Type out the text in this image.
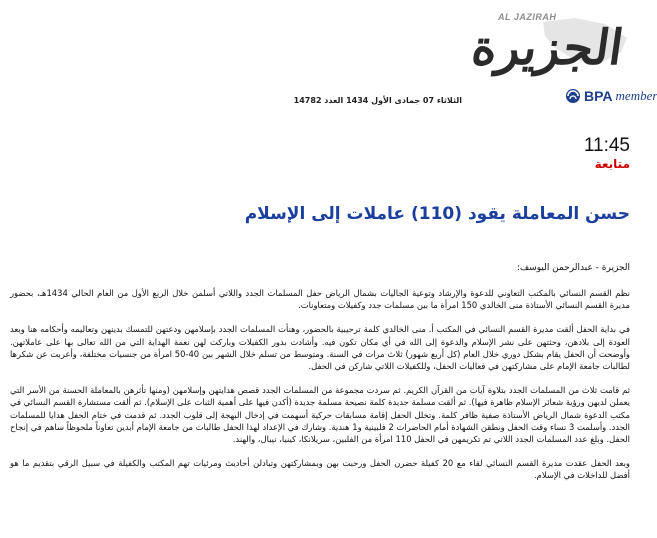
AL JAZIRAH
الجزيرة
BPA member
الثلاثاء 07 جمادى الأول 1434 العدد 14782
11:45
متابعة
حسن المعاملة يقود (110) عاملات إلى الإسلام
الجزيرة - عبدالرحمن اليوسف:

نظم القسم النسائي بالمكتب التعاوني للدعوة والإرشاد وتوعية الجاليات بشمال الرياض حفل المسلمات الجدد واللاتي أسلمن خلال الربع الأول من العام الحالي 1434هـ، بحضور مديرة القسم النسائي الأستاذة منى الخالدي 150 امرأة ما بين مسلمات جدد وكفيلات ومتعاونات.

في بداية الحفل ألقت مديرة القسم النسائي في المكتب أ. منى الخالدي كلمة ترحيبية بالحضور، وهنأت المسلمات الجدد بإسلامهن ودعتهن للتمسك بدينهن وتعاليمه وأحكامه هنا وبعد العودة إلى بلادهن، وحثتهن على نشر الإسلام والدعوة إلى الله في أي مكان تكون فيه. وأشادت بدور الكفيلات وباركت لهن نعمة الهداية التي من الله تعالى بها على عاملاتهن. وأوضحت أن الحفل يقام بشكل دوري خلال العام (كل أربع شهور) ثلاث مرات في السنة. ومتوسط من تسلم خلال الشهر بين 40-50 امرأة من جنسيات مختلفة، وأعربت عن شكرها لطالبات جامعة الإمام على مشاركتهن في فعاليات الحفل، وللكفيلات اللاتي شاركن في الحفل.

ثم قامت ثلاث من المسلمات الجدد بتلاوة آيات من القرآن الكريم. ثم سردت مجموعة من المسلمات الجدد قصص هدايتهن وإسلامهن (ومنها تأثرهن بالمعاملة الحسنة من الأسر التي يعملن لديهن ورؤية شعائر الإسلام ظاهرة فيها). ثم ألقت مسلمة جديدة كلمة نصيحة مسلمة جديدة (أكدن فيها على أهمية الثبات على الإسلام). ثم ألقت مستشارة القسم النسائي في مكتب الدعوة شمال الرياض الأستاذة صفية ظافر كلمة. وتخلل الحفل إقامة مسابقات حركية أسهمت في إدخال البهجة إلى قلوب الجدد. ثم قدمت في ختام الحفل هدايا للمسلمات الجدد. وأسلمت 3 نساء وقت الحفل ونطقن الشهادة أمام الحاضرات 2 فلبينية و1 هندية. وشارك في الإعداد لهذا الحفل طالبات من جامعة الإمام أبدين تعاوناً ملحوظاً ساهم في إنجاح الحفل. وبلغ عدد المسلمات الجدد اللاتي تم تكريمهن في الحفل 110 امرأة من الفلبين، سريلانكا، كينيا، نيبال، والهند.

وبعد الحفل عقدت مديرة القسم النسائي لقاء مع 20 كفيلة حضرن الحفل ورحبت بهن وبمشاركتهن وتبادلن أحاديث ومرئيات تهم المكتب والكفيلة في سبيل الرقي بتقديم ما هو أفضل للداخلات في الإسلام.
